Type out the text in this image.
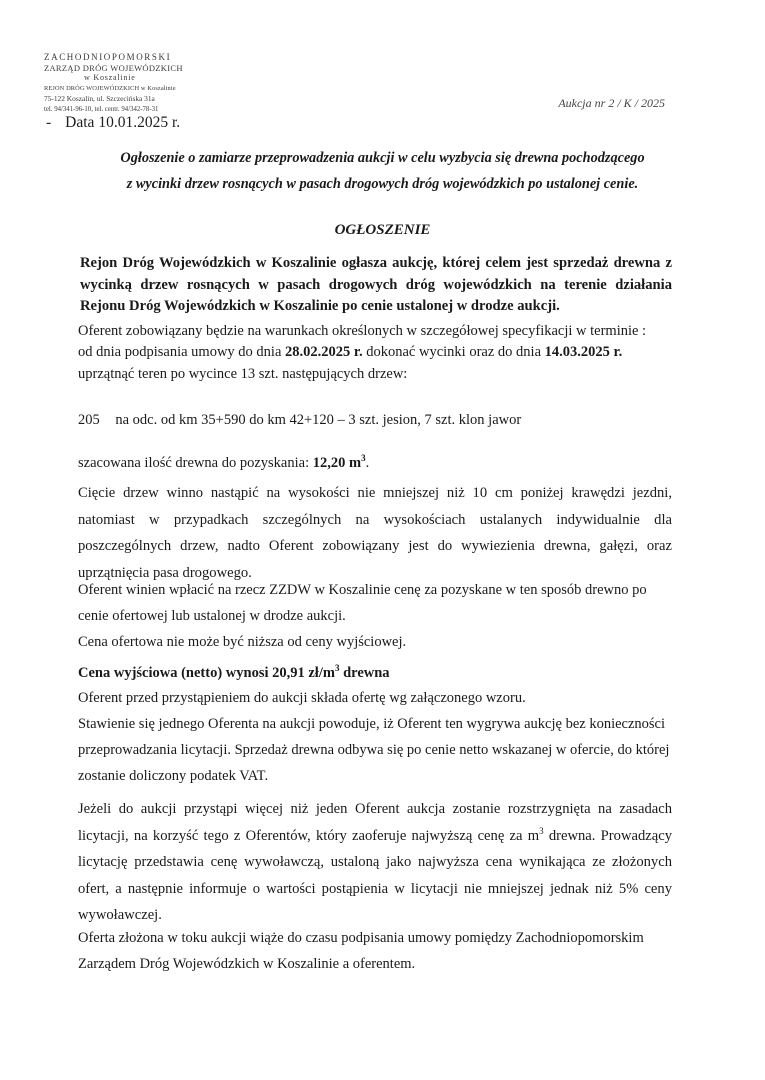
ZACHODNIOPOMORSKI
ZARZĄD DRÓG WOJEWÓDZKICH
w Koszalinie
REJON DRÓG WOJEWÓDZKICH w Koszalinie
75-122 Koszalin, ul. Szczecińska 31a
tel. 94/341-96-10, tel. centr. 94/342-78-31
- Data 10.01.2025 r.
Aukcja nr 2 / K / 2025
Ogłoszenie o zamiarze przeprowadzenia aukcji w celu wyzbycia się drewna pochodzącego
z wycinki drzew rosnących w pasach drogowych dróg wojewódzkich po ustalonej cenie.
OGŁOSZENIE
Rejon Dróg Wojewódzkich w Koszalinie ogłasza aukcję, której celem jest sprzedaż drewna z wycinką drzew rosnących w pasach drogowych dróg wojewódzkich na terenie działania Rejonu Dróg Wojewódzkich w Koszalinie po cenie ustalonej w drodze aukcji.
Oferent zobowiązany będzie na warunkach określonych w szczegółowej specyfikacji w terminie :
od dnia podpisania umowy do dnia 28.02.2025 r. dokonać wycinki oraz do dnia 14.03.2025 r.
uprzątnąć teren po wycince 13 szt. następujących drzew:
205 na odc. od km 35+590 do km 42+120 – 3 szt. jesion, 7 szt. klon jawor
szacowana ilość drewna do pozyskania: 12,20 $m^3$.
Cięcie drzew winno nastąpić na wysokości nie mniejszej niż 10 cm poniżej krawędzi jezdni, natomiast w przypadkach szczególnych na wysokościach ustalanych indywidualnie dla poszczególnych drzew, nadto Oferent zobowiązany jest do wywiezienia drewna, gałęzi, oraz uprzątnięcia pasa drogowego.
Oferent winien wpłacić na rzecz ZZDW w Koszalinie cenę za pozyskane w ten sposób drewno po
cenie ofertowej lub ustalonej w drodze aukcji.
Cena ofertowa nie może być niższa od ceny wyjściowej.
Cena wyjściowa (netto) wynosi 20,91 $zł/m^3$ drewna
Oferent przed przystąpieniem do aukcji składa ofertę wg załączonego wzoru.
Stawienie się jednego Oferenta na aukcji powoduje, iż Oferent ten wygrywa aukcję bez konieczności
przeprowadzania licytacji. Sprzedaż drewna odbywa się po cenie netto wskazanej w ofercie, do której
zostanie doliczony podatek VAT.
Jeżeli do aukcji przystąpi więcej niż jeden Oferent aukcja zostanie rozstrzygnięta na zasadach licytacji, na korzyść tego z Oferentów, który zaoferuje najwyższą cenę za $m^3$ drewna. Prowadzący licytację przedstawia cenę wywoławczą, ustaloną jako najwyższa cena wynikająca ze złożonych ofert, a następnie informuje o wartości postąpienia w licytacji nie mniejszej jednak niż 5% ceny wywoławczej.
Oferta złożona w toku aukcji wiąże do czasu podpisania umowy pomiędzy Zachodniopomorskim
Zarządem Dróg Wojewódzkich w Koszalinie a oferentem.
